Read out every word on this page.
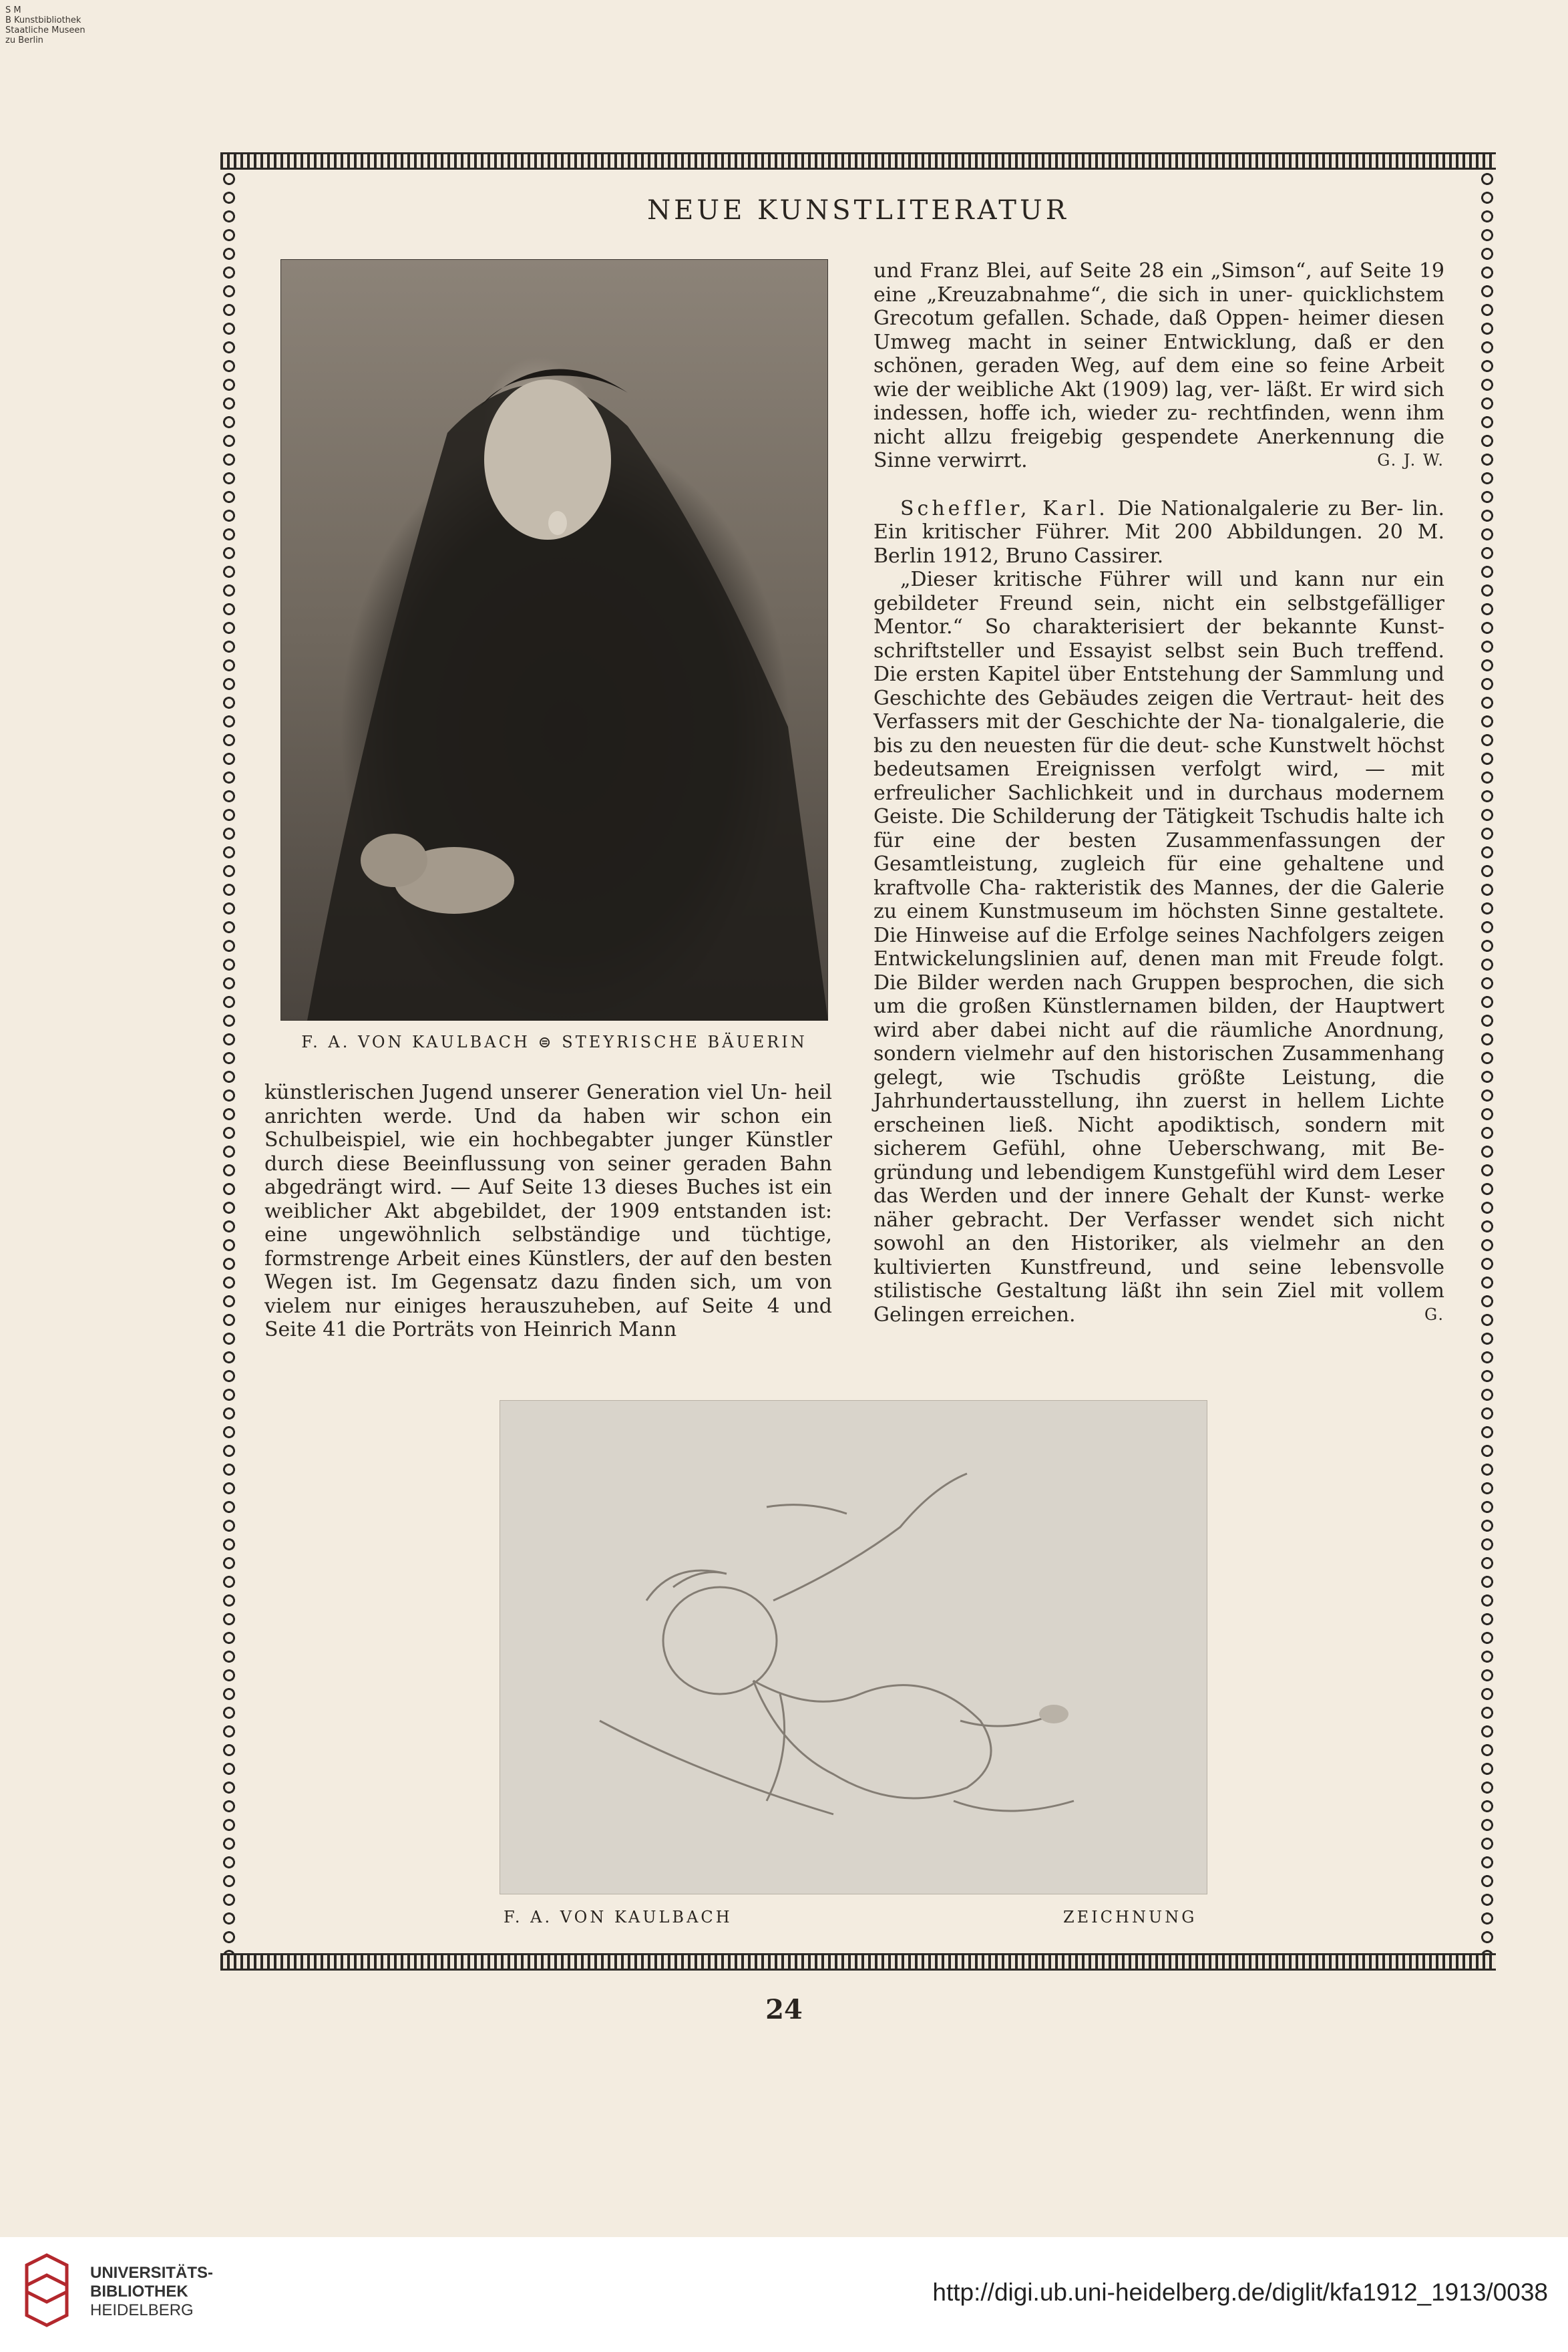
S M
B Kunstbibliothek
Staatliche Museen
zu Berlin
NEUE KUNSTLITERATUR
F. A. VON KAULBACH ⊜ STEYRISCHE BÄUERIN

künstlerischen Jugend unserer Generation viel Un- heil anrichten werde. Und da haben wir schon ein Schulbeispiel, wie ein hochbegabter junger Künstler durch diese Beeinflussung von seiner geraden Bahn abgedrängt wird. — Auf Seite 13 dieses Buches ist ein weiblicher Akt abgebildet, der 1909 entstanden ist: eine ungewöhnlich selbständige und tüchtige, formstrenge Arbeit eines Künstlers, der auf den besten Wegen ist. Im Gegensatz dazu finden sich, um von vielem nur einiges herauszuheben, auf Seite 4 und Seite 41 die Porträts von Heinrich Mann

und Franz Blei, auf Seite 28 ein „Simson“, auf Seite 19 eine „Kreuzabnahme“, die sich in uner- quicklichstem Grecotum gefallen. Schade, daß Oppen- heimer diesen Umweg macht in seiner Entwicklung, daß er den schönen, geraden Weg, auf dem eine so feine Arbeit wie der weibliche Akt (1909) lag, ver- läßt. Er wird sich indessen, hoffe ich, wieder zu- rechtfinden, wenn ihm nicht allzu freigebig gespendete Anerkennung die Sinne verwirrt.	G. J. W.

Scheffler, Karl. Die Nationalgalerie zu Ber- lin. Ein kritischer Führer. Mit 200 Abbildungen. 20 M. Berlin 1912, Bruno Cassirer.

„Dieser kritische Führer will und kann nur ein gebildeter Freund sein, nicht ein selbstgefälliger Mentor.“ So charakterisiert der bekannte Kunst- schriftsteller und Essayist selbst sein Buch treffend. Die ersten Kapitel über Entstehung der Sammlung und Geschichte des Gebäudes zeigen die Vertraut- heit des Verfassers mit der Geschichte der Na- tionalgalerie, die bis zu den neuesten für die deut- sche Kunstwelt höchst bedeutsamen Ereignissen verfolgt wird, — mit erfreulicher Sachlichkeit und in durchaus modernem Geiste. Die Schilderung der Tätigkeit Tschudis halte ich für eine der besten Zusammenfassungen der Gesamtleistung, zugleich für eine gehaltene und kraftvolle Cha- rakteristik des Mannes, der die Galerie zu einem Kunstmuseum im höchsten Sinne gestaltete. Die Hinweise auf die Erfolge seines Nachfolgers zeigen Entwickelungslinien auf, denen man mit Freude folgt. Die Bilder werden nach Gruppen besprochen, die sich um die großen Künstlernamen bilden, der Hauptwert wird aber dabei nicht auf die räumliche Anordnung, sondern vielmehr auf den historischen Zusammenhang gelegt, wie Tschudis größte Leistung, die Jahrhundertausstellung, ihn zuerst in hellem Lichte erscheinen ließ. Nicht apodiktisch, sondern mit sicherem Gefühl, ohne Ueberschwang, mit Be- gründung und lebendigem Kunstgefühl wird dem Leser das Werden und der innere Gehalt der Kunst- werke näher gebracht. Der Verfasser wendet sich nicht sowohl an den Historiker, als vielmehr an den kultivierten Kunstfreund, und seine lebensvolle stilistische Gestaltung läßt ihn sein Ziel mit vollem Gelingen erreichen.	G.

F. A. VON KAULBACH	ZEICHNUNG
24
UNIVERSITÄTS-
BIBLIOTHEK
HEIDELBERG
http://digi.ub.uni-heidelberg.de/diglit/kfa1912_1913/0038
